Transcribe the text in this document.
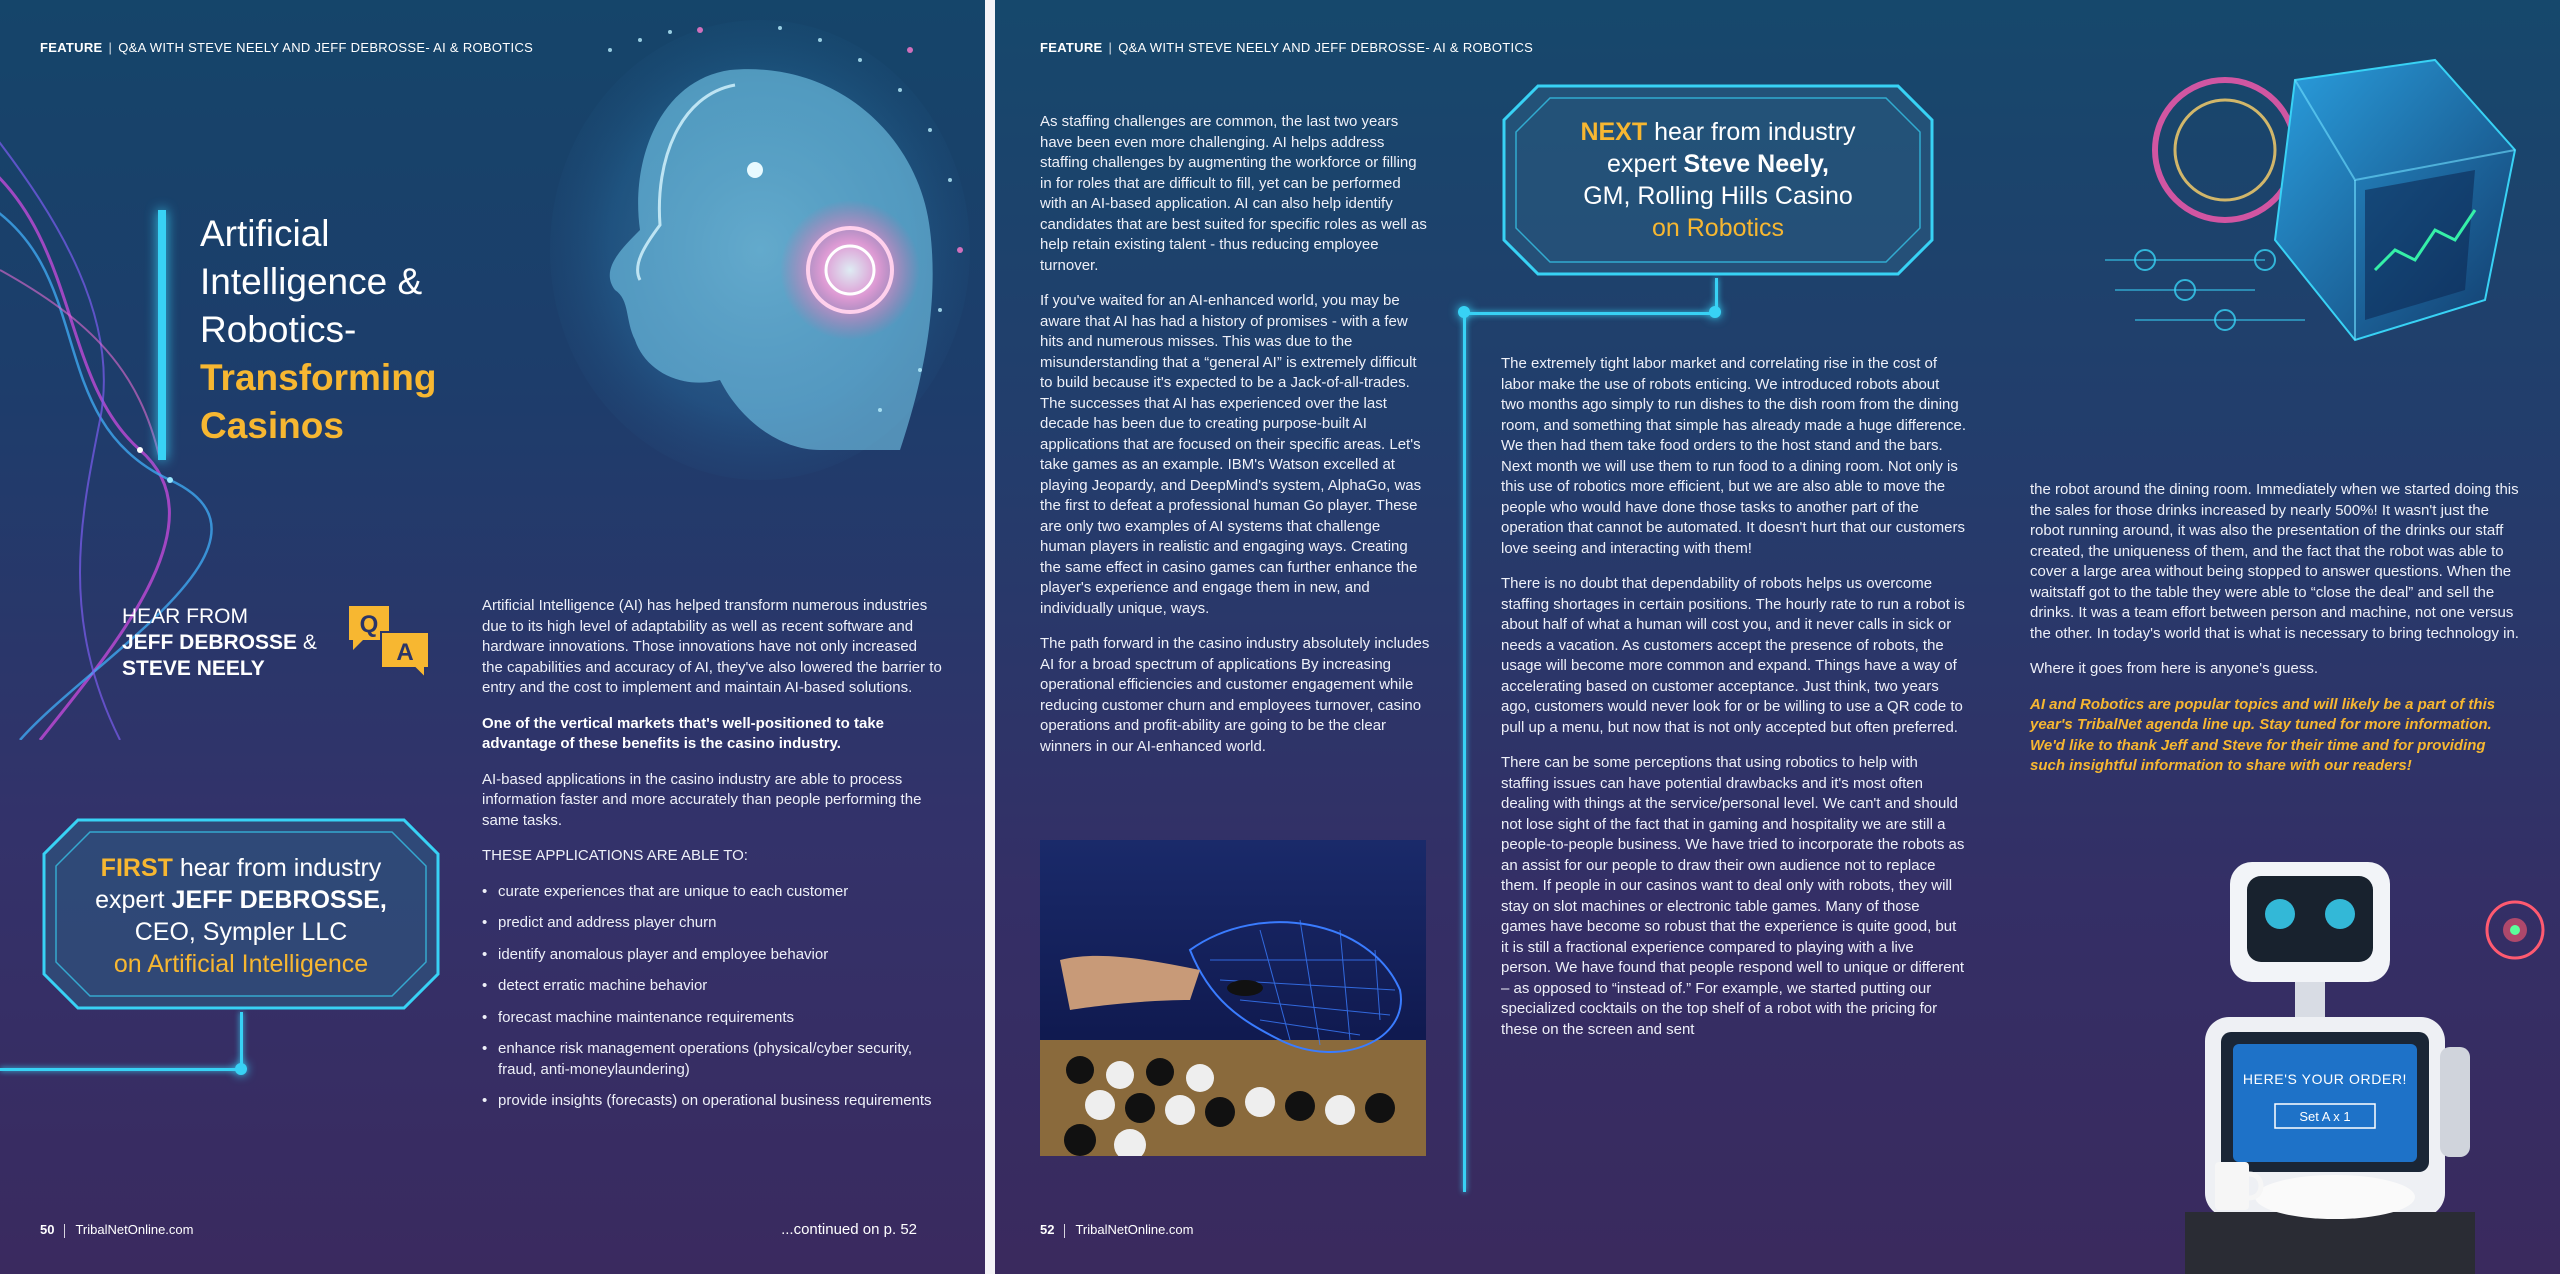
FEATURE | Q&A WITH STEVE NEELY AND JEFF DEBROSSE- AI & ROBOTICS
Artificial
Intelligence &
Robotics-
Transforming
Casinos
HEAR FROM
JEFF DEBROSSE &
STEVE NEELY
Q
A

Artificial Intelligence (AI) has helped transform numerous industries due to its high level of adaptability as well as recent software and hardware innovations. Those innovations have not only increased the capabilities and accuracy of AI, they've also lowered the barrier to entry and the cost to implement and maintain AI-based solutions.

One of the vertical markets that's well-positioned to take advantage of these benefits is the casino industry.

AI-based applications in the casino industry are able to process information faster and more accurately than people performing the same tasks.

THESE APPLICATIONS ARE ABLE TO:

• curate experiences that are unique to each customer
• predict and address player churn
• identify anomalous player and employee behavior
• detect erratic machine behavior
• forecast machine maintenance requirements
• enhance risk management operations (physical/cyber security, fraud, anti-moneylaundering)
• provide insights (forecasts) on operational business requirements
FIRST hear from industry
expert JEFF DEBROSSE,
CEO, Sympler LLC
on Artificial Intelligence
...continued on p. 52
50 TribalNetOnline.com
FEATURE | Q&A WITH STEVE NEELY AND JEFF DEBROSSE- AI & ROBOTICS

As staffing challenges are common, the last two years have been even more challenging. AI helps address staffing challenges by augmenting the workforce or filling in for roles that are difficult to fill, yet can be performed with an AI-based application. AI can also help identify candidates that are best suited for specific roles as well as help retain existing talent - thus reducing employee turnover.

If you've waited for an AI-enhanced world, you may be aware that AI has had a history of promises - with a few hits and numerous misses. This was due to the misunderstanding that a “general AI” is extremely difficult to build because it's expected to be a Jack-of-all-trades. The successes that AI has experienced over the last decade has been due to creating purpose-built AI applications that are focused on their specific areas. Let's take games as an example. IBM's Watson excelled at playing Jeopardy, and DeepMind's system, AlphaGo, was the first to defeat a professional human Go player. These are only two examples of AI systems that challenge human players in realistic and engaging ways. Creating the same effect in casino games can further enhance the player's experience and engage them in new, and individually unique, ways.

The path forward in the casino industry absolutely includes AI for a broad spectrum of applications By increasing operational efficiencies and customer engagement while reducing customer churn and employees turnover, casino operations and profit-ability are going to be the clear winners in our AI-enhanced world.

NEXT hear from industry
expert Steve Neely,
GM, Rolling Hills Casino
on Robotics

The extremely tight labor market and correlating rise in the cost of labor make the use of robots enticing. We introduced robots about two months ago simply to run dishes to the dish room from the dining room, and something that simple has already made a huge difference. We then had them take food orders to the host stand and the bars. Next month we will use them to run food to a dining room. Not only is this use of robotics more efficient, but we are also able to move the people who would have done those tasks to another part of the operation that cannot be automated. It doesn't hurt that our customers love seeing and interacting with them!

There is no doubt that dependability of robots helps us overcome staffing shortages in certain positions. The hourly rate to run a robot is about half of what a human will cost you, and it never calls in sick or needs a vacation. As customers accept the presence of robots, the usage will become more common and expand. Things have a way of accelerating based on customer acceptance. Just think, two years ago, customers would never look for or be willing to use a QR code to pull up a menu, but now that is not only accepted but often preferred.

There can be some perceptions that using robotics to help with staffing issues can have potential drawbacks and it's most often dealing with things at the service/personal level. We can't and should not lose sight of the fact that in gaming and hospitality we are still a people-to-people business. We have tried to incorporate the robots as an assist for our people to draw their own audience not to replace them. If people in our casinos want to deal only with robots, they will stay on slot machines or electronic table games. Many of those games have become so robust that the experience is quite good, but it is still a fractional experience compared to playing with a live person. We have found that people respond well to unique or different – as opposed to “instead of.” For example, we started putting our specialized cocktails on the top shelf of a robot with the pricing for these on the screen and sent

the robot around the dining room. Immediately when we started doing this the sales for those drinks increased by nearly 500%! It wasn't just the robot running around, it was also the presentation of the drinks our staff created, the uniqueness of them, and the fact that the robot was able to cover a large area without being stopped to answer questions. When the waitstaff got to the table they were able to “close the deal” and sell the drinks. It was a team effort between person and machine, not one versus the other. In today's world that is what is necessary to bring technology in.

Where it goes from here is anyone's guess.

AI and Robotics are popular topics and will likely be a part of this year's TribalNet agenda line up. Stay tuned for more information. We'd like to thank Jeff and Steve for their time and for providing such insightful information to share with our readers!

HERE'S YOUR ORDER!
Set A x 1
52 TribalNetOnline.com
